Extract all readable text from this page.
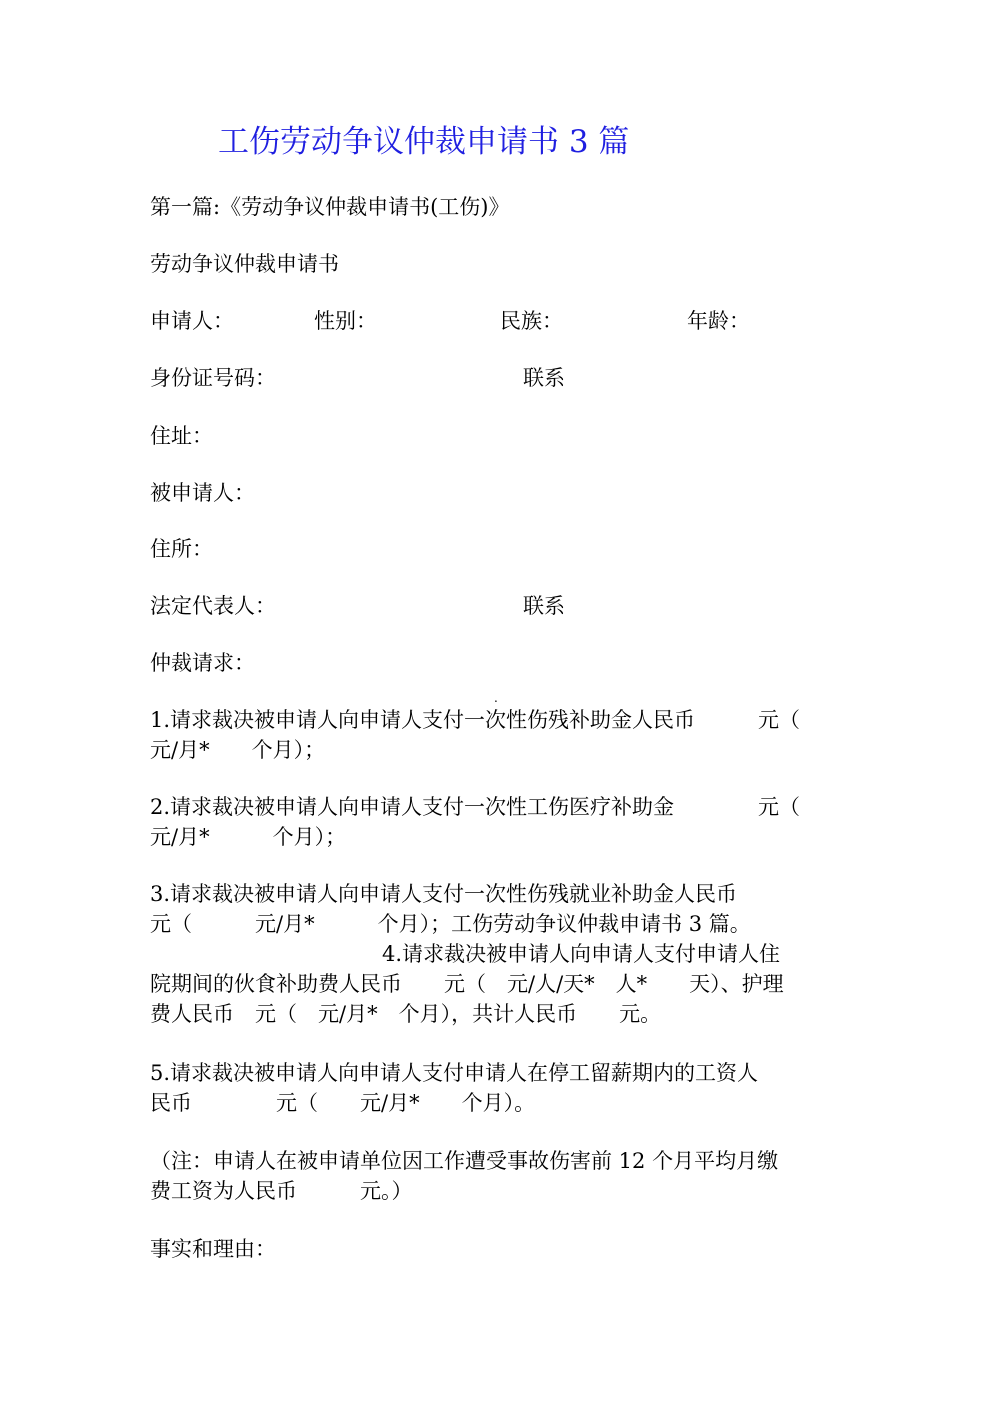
工伤劳动争议仲裁申请书 3 篇
第一篇:《劳动争议仲裁申请书(工伤)》
劳动争议仲裁申请书
申请人：	性别：	民族：	年龄：
身份证号码：	联系
住址：
被申请人：
住所：
法定代表人：	联系
仲裁请求：
.
1.请求裁决被申请人向申请人支付一次性伤残补助金人民币　　　元（
元/月*　　个月）；
2.请求裁决被申请人向申请人支付一次性工伤医疗补助金　　　　元（
元/月*　　　个月）；
3.请求裁决被申请人向申请人支付一次性伤残就业补助金人民币
元（　　　元/月*　　　个月）；工伤劳动争议仲裁申请书 3 篇。
4.请求裁决被申请人向申请人支付申请人住
院期间的伙食补助费人民币　　元（　元/人/天*　人*　　天）、护理
费人民币　元（　元/月*　个月），共计人民币　　元。
5.请求裁决被申请人向申请人支付申请人在停工留薪期内的工资人
民币　　　　元（　　元/月*　　个月）。
（注：申请人在被申请单位因工作遭受事故伤害前 12 个月平均月缴
费工资为人民币　　　元。）
事实和理由：
